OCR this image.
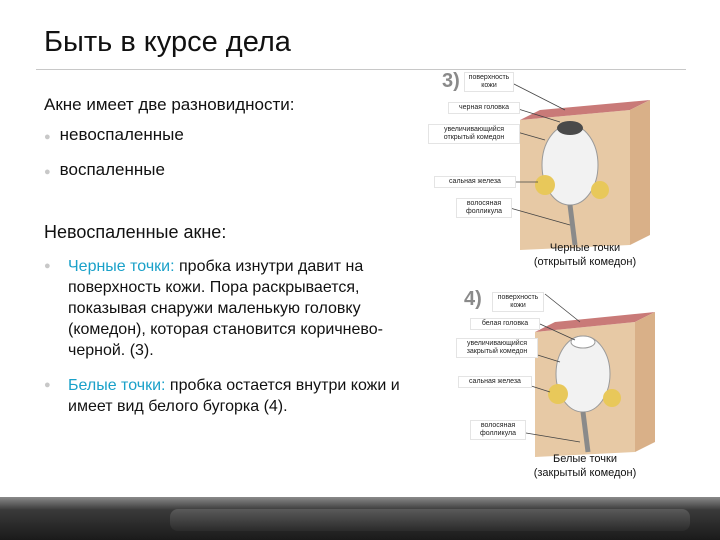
Быть в курсе дела
Акне имеет две разновидности:
● невоспаленные
● воспаленные
Невоспаленные акне:
● Черные точки: пробка изнутри давит на поверхность кожи. Пора раскрывается, показывая снаружи маленькую головку (комедон), которая становится коричнево-черной. (3).
● Белые точки: пробка остается внутри кожи и имеет вид белого бугорка (4).
3)	поверхность кожи
черная головка
увеличивающийся открытый комедон
сальная железа
волосяная фолликула
Черные точки
(открытый комедон)
4)	поверхность кожи
белая головка
увеличивающийся закрытый комедон
сальная железа
волосяная фолликула
Белые точки
(закрытый комедон)
